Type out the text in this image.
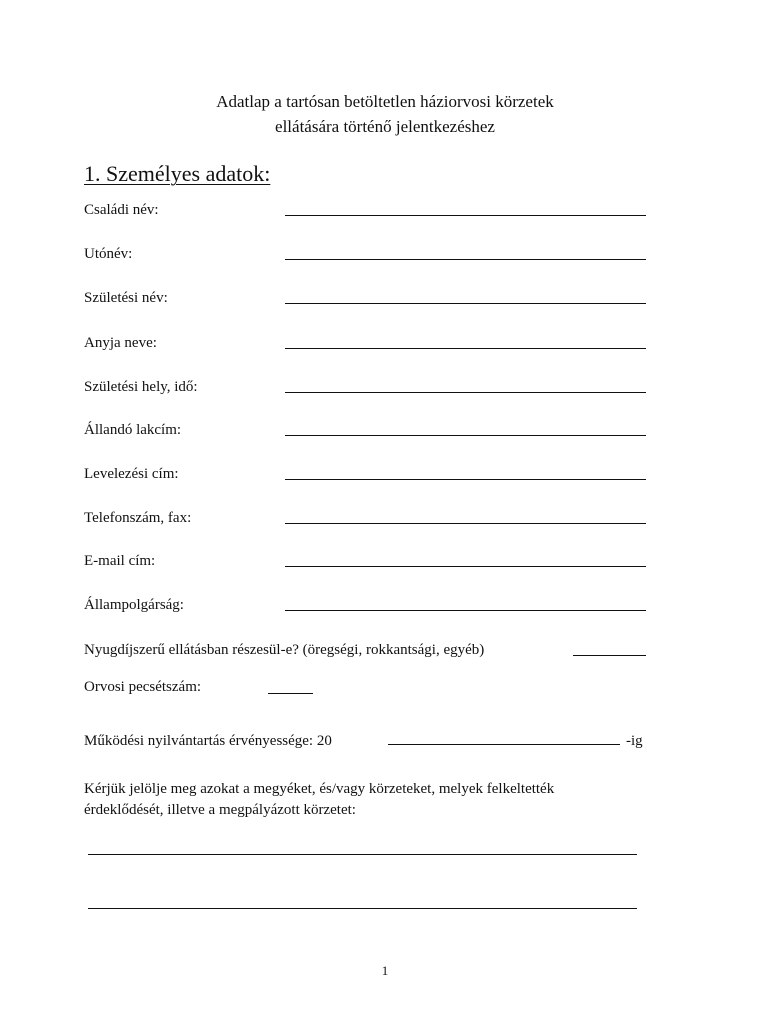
Adatlap a tartósan betöltetlen háziorvosi körzetek
ellátására történő jelentkezéshez
1. Személyes adatok:
Családi név:
Utónév:
Születési név:
Anyja neve:
Születési hely, idő:
Állandó lakcím:
Levelezési cím:
Telefonszám, fax:
E-mail cím:
Állampolgárság:
Nyugdíjszerű ellátásban részesül-e? (öregségi, rokkantsági, egyéb)
Orvosi pecsétszám:
Működési nyilvántartás érvényessége: 20	-ig
Kérjük jelölje meg azokat a megyéket, és/vagy körzeteket, melyek felkeltették
érdeklődését, illetve a megpályázott körzetet:
1
